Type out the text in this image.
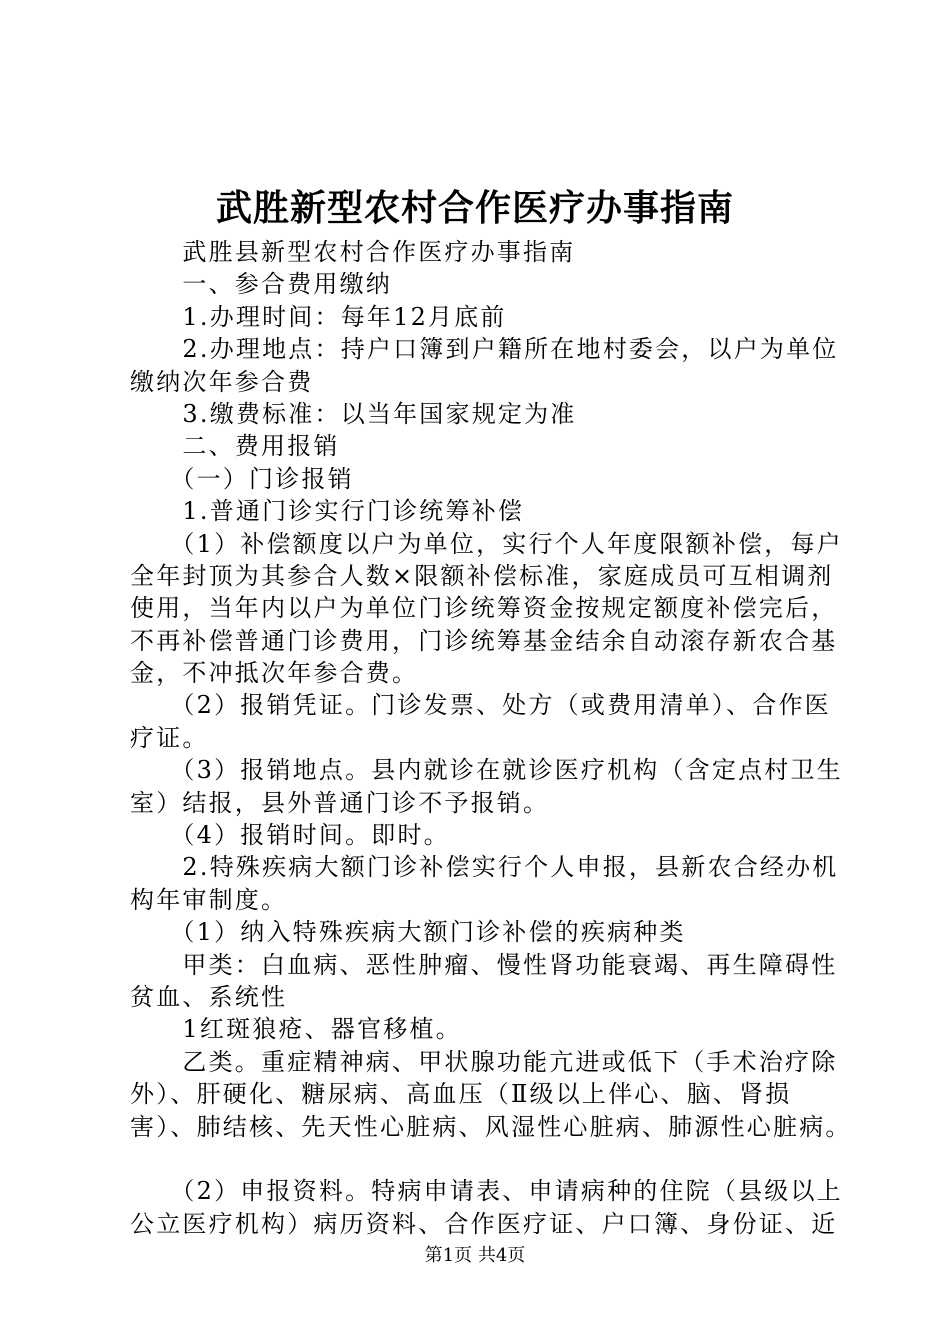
武胜新型农村合作医疗办事指南
　　武胜县新型农村合作医疗办事指南
　　一、参合费用缴纳
　　1.办理时间：每年12月底前
　　2.办理地点：持户口簿到户籍所在地村委会，以户为单位
缴纳次年参合费
　　3.缴费标准：以当年国家规定为准
　　二、费用报销
　　（一）门诊报销
　　1.普通门诊实行门诊统筹补偿
　　（1）补偿额度以户为单位，实行个人年度限额补偿，每户
全年封顶为其参合人数×限额补偿标准，家庭成员可互相调剂
使用，当年内以户为单位门诊统筹资金按规定额度补偿完后，
不再补偿普通门诊费用，门诊统筹基金结余自动滚存新农合基
金，不冲抵次年参合费。
　　（2）报销凭证。门诊发票、处方（或费用清单）、合作医
疗证。
　　（3）报销地点。县内就诊在就诊医疗机构（含定点村卫生
室）结报，县外普通门诊不予报销。
　　（4）报销时间。即时。
　　2.特殊疾病大额门诊补偿实行个人申报，县新农合经办机
构年审制度。
　　（1）纳入特殊疾病大额门诊补偿的疾病种类
　　甲类：白血病、恶性肿瘤、慢性肾功能衰竭、再生障碍性
贫血、系统性
　　1红斑狼疮、器官移植。
　　乙类。重症精神病、甲状腺功能亢进或低下（手术治疗除
外）、肝硬化、糖尿病、高血压（Ⅱ级以上伴心、脑、肾损
害）、肺结核、先天性心脏病、风湿性心脏病、肺源性心脏病。
　　（2）申报资料。特病申请表、申请病种的住院（县级以上
公立医疗机构）病历资料、合作医疗证、户口簿、身份证、近
第1页 共4页
